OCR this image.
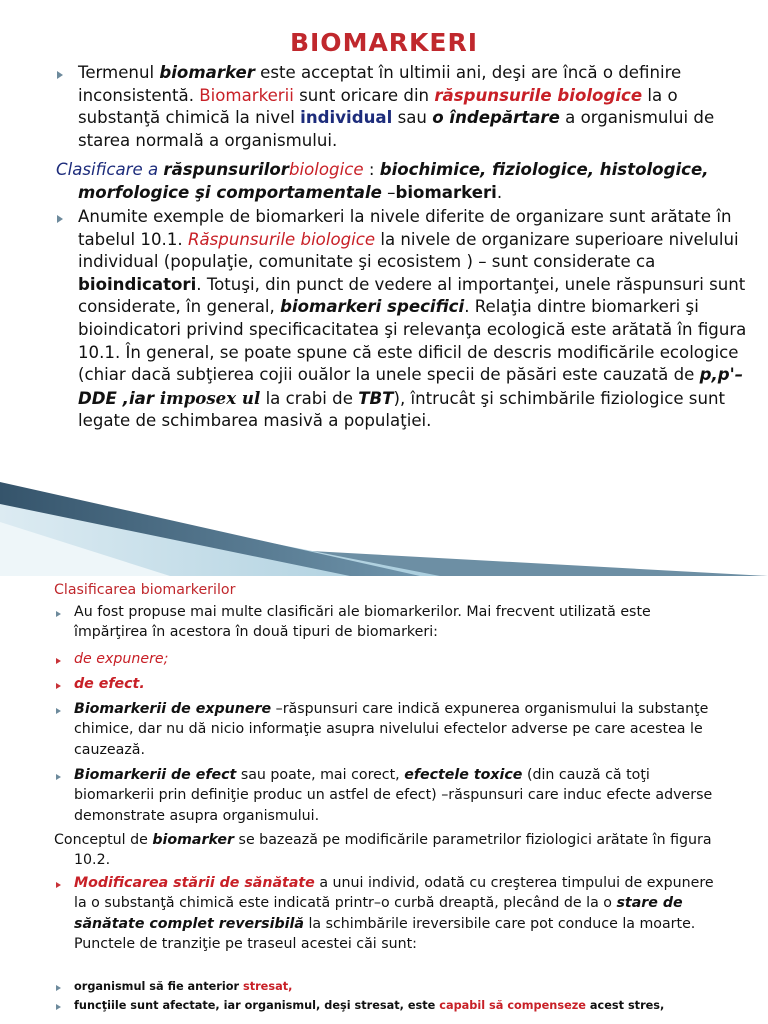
BIOMARKERI

Termenul biomarker este acceptat în ultimii ani, deşi are încă o definire inconsistentă. Biomarkerii sunt oricare din răspunsurile biologice la o substanţă chimică la nivel individual sau o îndepărtare a organismului de starea normală a organismului.

Clasificare a răspunsurilorbiologice : biochimice, fiziologice, histologice, morfologice şi comportamentale –biomarkeri.

Anumite exemple de biomarkeri la nivele diferite de organizare sunt arătate în tabelul 10.1. Răspunsurile biologice la nivele de organizare superioare nivelului individual (populaţie, comunitate şi ecosistem ) – sunt considerate ca bioindicatori. Totuşi, din punct de vedere al importanţei, unele răspunsuri sunt considerate, în general, biomarkeri specifici. Relaţia dintre biomarkeri şi bioindicatori privind specificacitatea şi relevanţa ecologică este arătată în figura 10.1. În general, se poate spune că este dificil de descris modificările ecologice (chiar dacă subţierea cojii ouălor la unele specii de păsări este cauzată de p,p'–DDE ,iar imposex ul la crabi de TBT), întrucât şi schimbările fiziologice sunt legate de schimbarea masivă a populaţiei.

Clasificarea biomarkerilor

Au fost propuse mai multe clasificări ale biomarkerilor. Mai frecvent utilizată este împărţirea în acestora în două tipuri de biomarkeri:

de expunere;

de efect.

Biomarkerii de expunere –răspunsuri care indică expunerea organismului la substanţe chimice, dar nu dă nicio informaţie asupra nivelului efectelor adverse pe care acestea le cauzează.

Biomarkerii de efect sau poate, mai corect, efectele toxice (din cauză că toţi biomarkerii prin definiţie produc un astfel de efect) –răspunsuri care induc efecte adverse demonstrate asupra organismului.

Conceptul de biomarker se bazează pe modificările parametrilor fiziologici arătate în figura 10.2.

Modificarea stării de sănătate a unui individ, odată cu creşterea timpului de expunere la o substanţă chimică este indicată printr–o curbă dreaptă, plecând de la o stare de sănătate complet reversibilă la schimbările ireversibile care pot conduce la moarte. Punctele de tranziţie pe traseul acestei căi sunt:

organismul să fie anterior stresat,

funcţiile sunt afectate, iar organismul, deşi stresat, este capabil să compenseze acest stres,
